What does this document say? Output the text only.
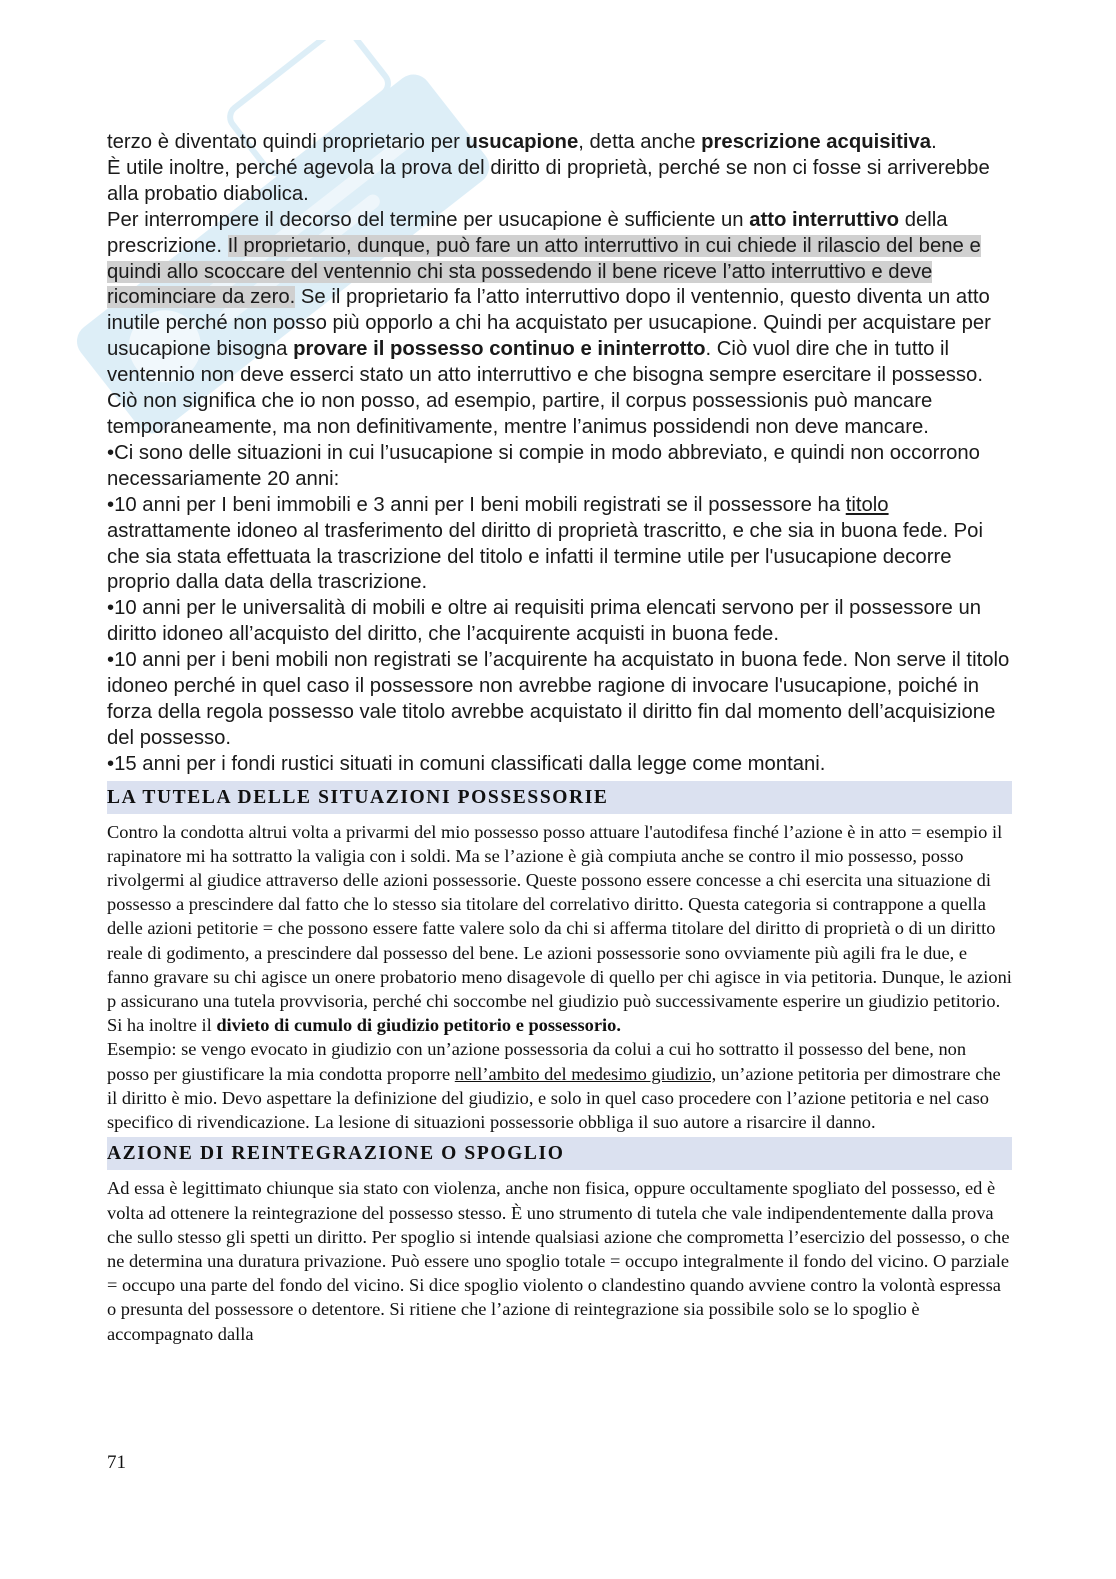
terzo è diventato quindi proprietario per usucapione, detta anche prescrizione acquisitiva.

È utile inoltre, perché agevola la prova del diritto di proprietà, perché se non ci fosse si arriverebbe alla probatio diabolica.

Per interrompere il decorso del termine per usucapione è sufficiente un atto interruttivo della prescrizione. Il proprietario, dunque, può fare un atto interruttivo in cui chiede il rilascio del bene e quindi allo scoccare del ventennio chi sta possedendo il bene riceve l’atto interruttivo e deve ricominciare da zero. Se il proprietario fa l’atto interruttivo dopo il ventennio, questo diventa un atto inutile perché non posso più opporlo a chi ha acquistato per usucapione. Quindi per acquistare per usucapione bisogna provare il possesso continuo e ininterrotto. Ciò vuol dire che in tutto il ventennio non deve esserci stato un atto interruttivo e che bisogna sempre esercitare il possesso. Ciò non significa che io non posso, ad esempio, partire, il corpus possessionis può mancare temporaneamente, ma non definitivamente, mentre l’animus possidendi non deve mancare.

•Ci sono delle situazioni in cui l’usucapione si compie in modo abbreviato, e quindi non occorrono necessariamente 20 anni:

•10 anni per I beni immobili e 3 anni per I beni mobili registrati se il possessore ha titolo astrattamente idoneo al trasferimento del diritto di proprietà trascritto, e che sia in buona fede. Poi che sia stata effettuata la trascrizione del titolo e infatti il termine utile per l'usucapione decorre proprio dalla data della trascrizione.

•10 anni per le universalità di mobili e oltre ai requisiti prima elencati servono per il possessore un diritto idoneo all’acquisto del diritto, che l’acquirente acquisti in buona fede.

•10 anni per i beni mobili non registrati se l’acquirente ha acquistato in buona fede. Non serve il titolo idoneo perché in quel caso il possessore non avrebbe ragione di invocare l'usucapione, poiché in forza della regola possesso vale titolo avrebbe acquistato il diritto fin dal momento dell’acquisizione del possesso.

•15 anni per i fondi rustici situati in comuni classificati dalla legge come montani.

LA TUTELA DELLE SITUAZIONI POSSESSORIE

Contro la condotta altrui volta a privarmi del mio possesso posso attuare l'autodifesa finché l’azione è in atto = esempio il rapinatore mi ha sottratto la valigia con i soldi. Ma se l’azione è già compiuta anche se contro il mio possesso, posso rivolgermi al giudice attraverso delle azioni possessorie. Queste possono essere concesse a chi esercita una situazione di possesso a prescindere dal fatto che lo stesso sia titolare del correlativo diritto. Questa categoria si contrappone a quella delle azioni petitorie = che possono essere fatte valere solo da chi si afferma titolare del diritto di proprietà o di un diritto reale di godimento, a prescindere dal possesso del bene. Le azioni possessorie sono ovviamente più agili fra le due, e fanno gravare su chi agisce un onere probatorio meno disagevole di quello per chi agisce in via petitoria. Dunque, le azioni p assicurano una tutela provvisoria, perché chi soccombe nel giudizio può successivamente esperire un giudizio petitorio. Si ha inoltre il divieto di cumulo di giudizio petitorio e possessorio.

Esempio: se vengo evocato in giudizio con un’azione possessoria da colui a cui ho sottratto il possesso del bene, non posso per giustificare la mia condotta proporre nell’ambito del medesimo giudizio, un’azione petitoria per dimostrare che il diritto è mio. Devo aspettare la definizione del giudizio, e solo in quel caso procedere con l’azione petitoria e nel caso specifico di rivendicazione. La lesione di situazioni possessorie obbliga il suo autore a risarcire il danno.

AZIONE DI REINTEGRAZIONE O SPOGLIO

Ad essa è legittimato chiunque sia stato con violenza, anche non fisica, oppure occultamente spogliato del possesso, ed è volta ad ottenere la reintegrazione del possesso stesso. È uno strumento di tutela che vale indipendentemente dalla prova che sullo stesso gli spetti un diritto. Per spoglio si intende qualsiasi azione che comprometta l’esercizio del possesso, o che ne determina una duratura privazione. Può essere uno spoglio totale = occupo integralmente il fondo del vicino. O parziale = occupo una parte del fondo del vicino. Si dice spoglio violento o clandestino quando avviene contro la volontà espressa o presunta del possessore o detentore. Si ritiene che l’azione di reintegrazione sia possibile solo se lo spoglio è accompagnato dalla

71
